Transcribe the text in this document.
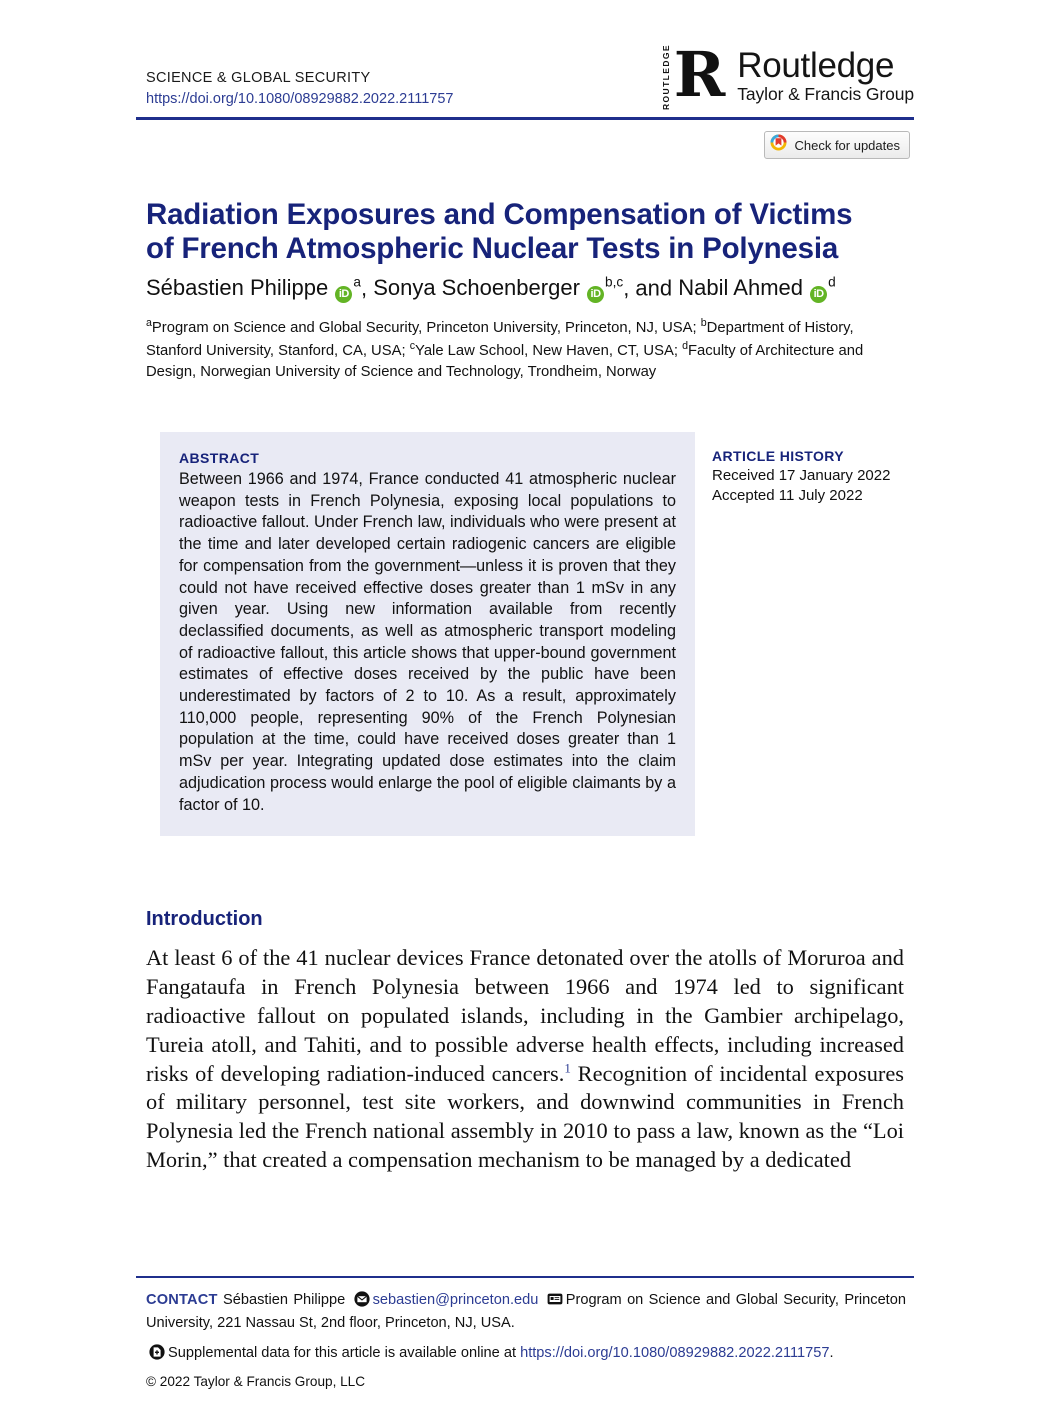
SCIENCE & GLOBAL SECURITY
https://doi.org/10.1080/08929882.2022.2111757	ROUTLEDGE R Routledge
Taylor & Francis Group
Check for updates
Radiation Exposures and Compensation of Victims of French Atmospheric Nuclear Tests in Polynesia
Sébastien Philippe $iD^a$, Sonya Schoenberger iD$^{b,c}$, and Nabil Ahmed $iD^d$
$^a$Program on Science and Global Security, Princeton University, Princeton, NJ, USA; $^b$Department of History, Stanford University, Stanford, CA, USA; $^c$Yale Law School, New Haven, CT, USA; $^d$Faculty of Architecture and Design, Norwegian University of Science and Technology, Trondheim, Norway
ABSTRACT
Between 1966 and 1974, France conducted 41 atmospheric nuclear weapon tests in French Polynesia, exposing local populations to radioactive fallout. Under French law, individuals who were present at the time and later developed certain radiogenic cancers are eligible for compensation from the government—unless it is proven that they could not have received effective doses greater than 1 mSv in any given year. Using new information available from recently declassified documents, as well as atmospheric transport modeling of radioactive fallout, this article shows that upper-bound government estimates of effective doses received by the public have been underestimated by factors of 2 to 10. As a result, approximately 110,000 people, representing 90% of the French Polynesian population at the time, could have received doses greater than 1 mSv per year. Integrating updated dose estimates into the claim adjudication process would enlarge the pool of eligible claimants by a factor of 10.
ARTICLE HISTORY
Received 17 January 2022
Accepted 11 July 2022
Introduction
At least 6 of the 41 nuclear devices France detonated over the atolls of Moruroa and Fangataufa in French Polynesia between 1966 and 1974 led to significant radioactive fallout on populated islands, including in the Gambier archipelago, Tureia atoll, and Tahiti, and to possible adverse health effects, including increased risks of developing radiation-induced cancers.$^1$ Recognition of incidental exposures of military personnel, test site workers, and downwind communities in French Polynesia led the French national assembly in 2010 to pass a law, known as the “Loi Morin,” that created a compensation mechanism to be managed by a dedicated
CONTACT Sébastien Philippe sebastien@princeton.edu Program on Science and Global Security, Princeton University, 221 Nassau St, 2nd floor, Princeton, NJ, USA.
Supplemental data for this article is available online at https://doi.org/10.1080/08929882.2022.2111757.
© 2022 Taylor & Francis Group, LLC
